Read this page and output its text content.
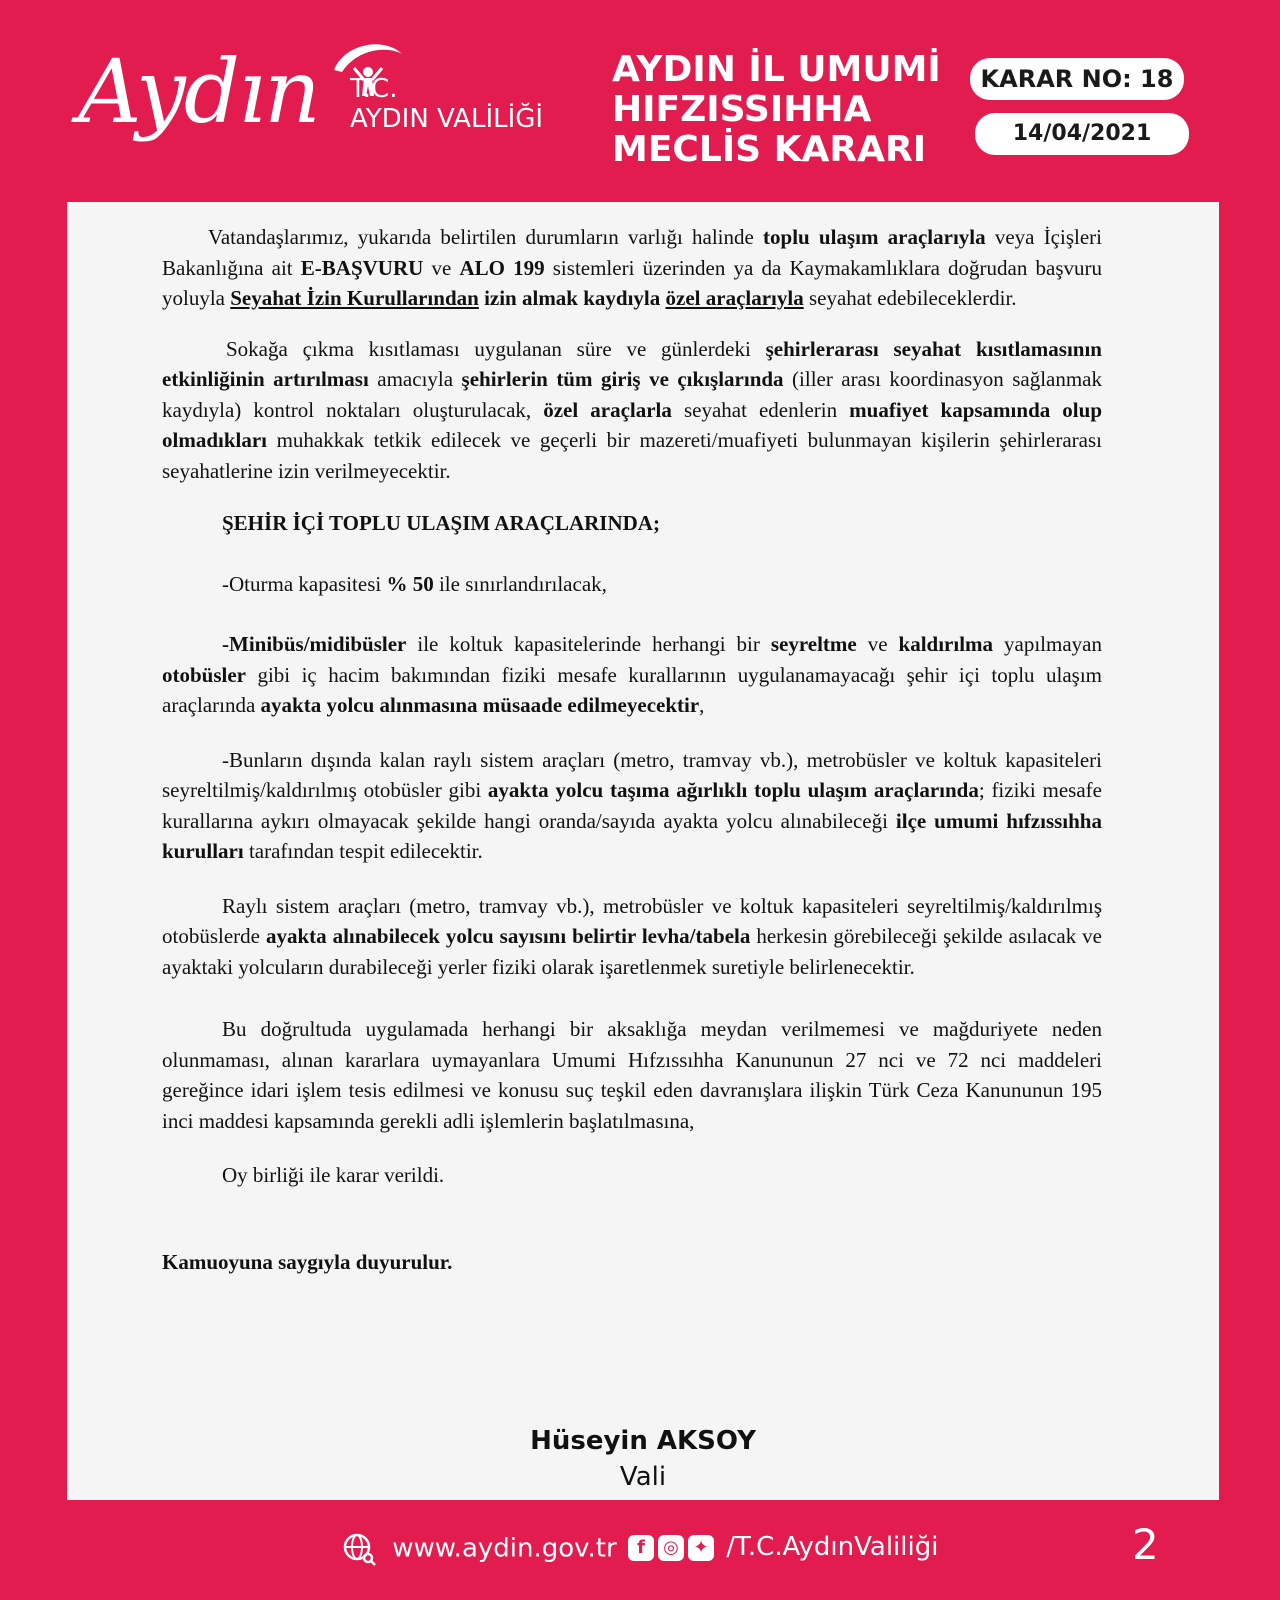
Aydın T.C.
AYDIN VALİLİĞİ
AYDIN İL UMUMİ
HIFZISSIHHA
MECLİS KARARI
KARAR NO: 18
14/04/2021

Vatandaşlarımız, yukarıda belirtilen durumların varlığı halinde toplu ulaşım araçlarıyla veya İçişleri Bakanlığına ait E-BAŞVURU ve ALO 199 sistemleri üzerinden ya da Kaymakamlıklara doğrudan başvuru yoluyla Seyahat İzin Kurullarından izin almak kaydıyla özel araçlarıyla seyahat edebileceklerdir.

Sokağa çıkma kısıtlaması uygulanan süre ve günlerdeki şehirlerarası seyahat kısıtlamasının etkinliğinin artırılması amacıyla şehirlerin tüm giriş ve çıkışlarında (iller arası koordinasyon sağlanmak kaydıyla) kontrol noktaları oluşturulacak, özel araçlarla seyahat edenlerin muafiyet kapsamında olup olmadıkları muhakkak tetkik edilecek ve geçerli bir mazereti/muafiyeti bulunmayan kişilerin şehirlerarası seyahatlerine izin verilmeyecektir.

ŞEHİR İÇİ TOPLU ULAŞIM ARAÇLARINDA;

-Oturma kapasitesi % 50 ile sınırlandırılacak,

-Minibüs/midibüsler ile koltuk kapasitelerinde herhangi bir seyreltme ve kaldırılma yapılmayan otobüsler gibi iç hacim bakımından fiziki mesafe kurallarının uygulanamayacağı şehir içi toplu ulaşım araçlarında ayakta yolcu alınmasına müsaade edilmeyecektir,

-Bunların dışında kalan raylı sistem araçları (metro, tramvay vb.), metrobüsler ve koltuk kapasiteleri seyreltilmiş/kaldırılmış otobüsler gibi ayakta yolcu taşıma ağırlıklı toplu ulaşım araçlarında; fiziki mesafe kurallarına aykırı olmayacak şekilde hangi oranda/sayıda ayakta yolcu alınabileceği ilçe umumi hıfzıssıhha kurulları tarafından tespit edilecektir.

Raylı sistem araçları (metro, tramvay vb.), metrobüsler ve koltuk kapasiteleri seyreltilmiş/kaldırılmış otobüslerde ayakta alınabilecek yolcu sayısını belirtir levha/tabela herkesin görebileceği şekilde asılacak ve ayaktaki yolcuların durabileceği yerler fiziki olarak işaretlenmek suretiyle belirlenecektir.

Bu doğrultuda uygulamada herhangi bir aksaklığa meydan verilmemesi ve mağduriyete neden olunmaması, alınan kararlara uymayanlara Umumi Hıfzıssıhha Kanununun 27 nci ve 72 nci maddeleri gereğince idari işlem tesis edilmesi ve konusu suç teşkil eden davranışlara ilişkin Türk Ceza Kanununun 195 inci maddesi kapsamında gerekli adli işlemlerin başlatılmasına,

Oy birliği ile karar verildi.

Kamuoyuna saygıyla duyurulur.

Hüseyin AKSOY
Vali
www.aydin.gov.tr	f ◎ ✦ /T.C.AydınValiliği	2
